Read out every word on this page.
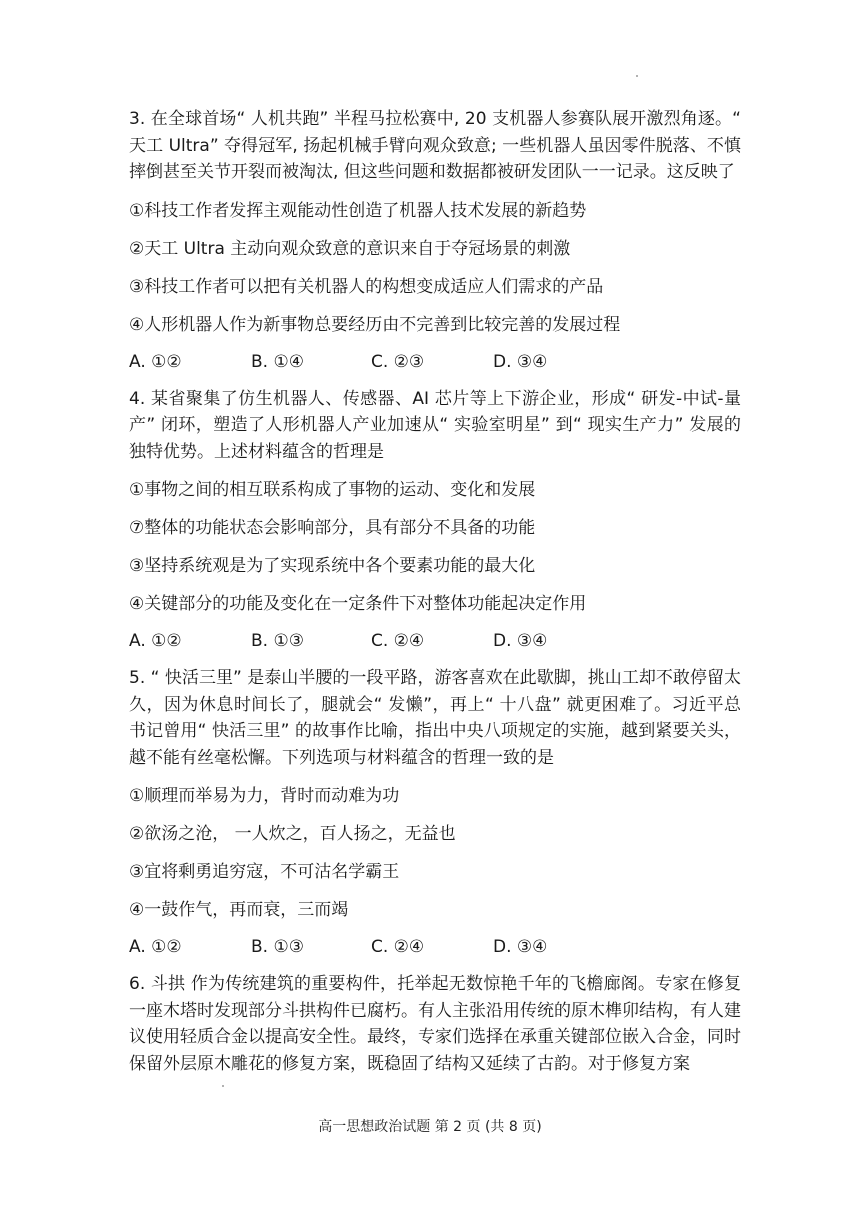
3. 在全球首场“ 人机共跑” 半程马拉松赛中, 20 支机器人参赛队展开激烈角逐。“ 天工 Ultra” 夺得冠军, 扬起机械手臂向观众致意; 一些机器人虽因零件脱落、不慎摔倒甚至关节开裂而被淘汰, 但这些问题和数据都被研发团队一一记录。这反映了

①科技工作者发挥主观能动性创造了机器人技术发展的新趋势
②天工 Ultra 主动向观众致意的意识来自于夺冠场景的刺激
③科技工作者可以把有关机器人的构想变成适应人们需求的产品
④人形机器人作为新事物总要经历由不完善到比较完善的发展过程
A. ①②	B. ①④	C. ②③	D. ③④

4. 某省聚集了仿生机器人、传感器、AI 芯片等上下游企业，形成“ 研发-中试-量产” 闭环，塑造了人形机器人产业加速从“ 实验室明星” 到“ 现实生产力” 发展的独特优势。上述材料蕴含的哲理是

①事物之间的相互联系构成了事物的运动、变化和发展
⑦整体的功能状态会影响部分，具有部分不具备的功能
③坚持系统观是为了实现系统中各个要素功能的最大化
④关键部分的功能及变化在一定条件下对整体功能起决定作用
A. ①②	B. ①③	C. ②④	D. ③④

5. “ 快活三里” 是泰山半腰的一段平路，游客喜欢在此歇脚，挑山工却不敢停留太久，因为休息时间长了，腿就会“ 发懒”，再上“ 十八盘” 就更困难了。习近平总书记曾用“ 快活三里” 的故事作比喻，指出中央八项规定的实施，越到紧要关头，越不能有丝毫松懈。下列选项与材料蕴含的哲理一致的是

①顺理而举易为力，背时而动难为功
②欲汤之沧， 一人炊之，百人扬之，无益也
③宜将剩勇追穷寇，不可沽名学霸王
④一鼓作气，再而衰，三而竭
A. ①②	B. ①③	C. ②④	D. ③④

6. 斗拱 作为传统建筑的重要构件，托举起无数惊艳千年的飞檐廊阁。专家在修复一座木塔时发现部分斗拱构件已腐朽。有人主张沿用传统的原木榫卯结构，有人建议使用轻质合金以提高安全性。最终，专家们选择在承重关键部位嵌入合金，同时保留外层原木雕花的修复方案，既稳固了结构又延续了古韵。对于修复方案

高一思想政治试题 第 2 页 (共 8 页)
